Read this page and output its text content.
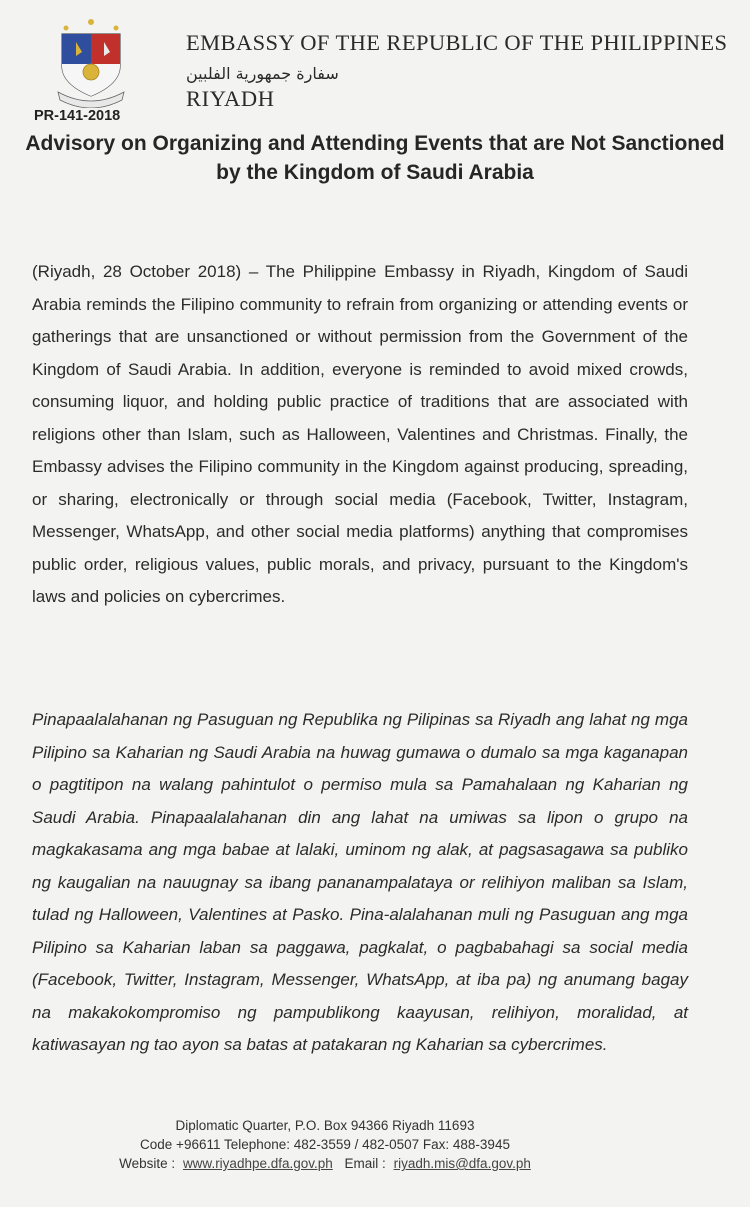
EMBASSY OF THE REPUBLIC OF THE PHILIPPINES
سفارة جمهورية الفلبين
RIYADH
PR-141-2018
Advisory on Organizing and Attending Events that are Not Sanctioned by the Kingdom of Saudi Arabia

(Riyadh, 28 October 2018) – The Philippine Embassy in Riyadh, Kingdom of Saudi Arabia reminds the Filipino community to refrain from organizing or attending events or gatherings that are unsanctioned or without permission from the Government of the Kingdom of Saudi Arabia. In addition, everyone is reminded to avoid mixed crowds, consuming liquor, and holding public practice of traditions that are associated with religions other than Islam, such as Halloween, Valentines and Christmas. Finally, the Embassy advises the Filipino community in the Kingdom against producing, spreading, or sharing, electronically or through social media (Facebook, Twitter, Instagram, Messenger, WhatsApp, and other social media platforms) anything that compromises public order, religious values, public morals, and privacy, pursuant to the Kingdom's laws and policies on cybercrimes.

Pinapaalalahanan ng Pasuguan ng Republika ng Pilipinas sa Riyadh ang lahat ng mga Pilipino sa Kaharian ng Saudi Arabia na huwag gumawa o dumalo sa mga kaganapan o pagtitipon na walang pahintulot o permiso mula sa Pamahalaan ng Kaharian ng Saudi Arabia. Pinapaalalahanan din ang lahat na umiwas sa lipon o grupo na magkakasama ang mga babae at lalaki, uminom ng alak, at pagsasagawa sa publiko ng kaugalian na nauugnay sa ibang pananampalataya or relihiyon maliban sa Islam, tulad ng Halloween, Valentines at Pasko. Pina-alalahanan muli ng Pasuguan ang mga Pilipino sa Kaharian laban sa paggawa, pagkalat, o pagbabahagi sa social media (Facebook, Twitter, Instagram, Messenger, WhatsApp, at iba pa) ng anumang bagay na makakokompromiso ng pampublikong kaayusan, relihiyon, moralidad, at katiwasayan ng tao ayon sa batas at patakaran ng Kaharian sa cybercrimes.

Diplomatic Quarter, P.O. Box 94366 Riyadh 11693
Code +96611 Telephone: 482-3559 / 482-0507 Fax: 488-3945
Website : www.riyadhpe.dfa.gov.ph Email : riyadh.mis@dfa.gov.ph
